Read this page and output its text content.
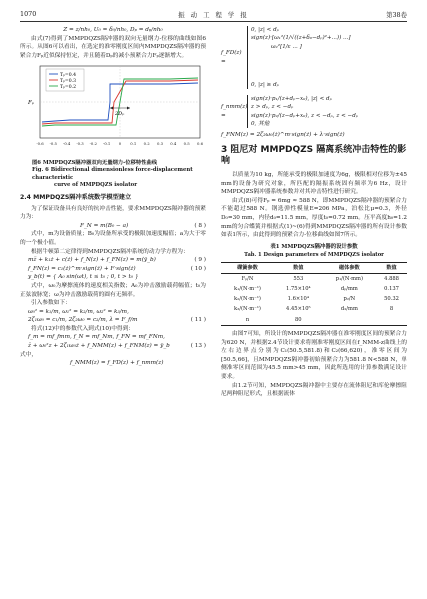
1070	振 动 工 程 学 报	第38卷
Z = z/nh₀, U₀ = δ₀/nh₀, Dₚ = dₚ/nh₀

由式(7)得到了MMPDQZS隔冲器的双向无量纲力-位移的曲线如图6所示。从图6可以看出，在选定的准零刚度区间内MMPDQZS隔冲器的预紧合力Fₚ近似保持恒定，并且随着Dₚ的减小预紧合力Fₚ逐渐增大。

2Dₚ
Tₚ=0.4
Tₚ=0.3
Tₚ=0.2
Fₚ
-0.6 -0.5 -0.4 -0.3 -0.2 -0.1 0 0.1 0.2 0.3 0.4 0.5 0.6
图6 MMPDQZS隔冲器双向无量纲力-位移特性曲线
Fig. 6 Bidirectional dimensionless force-displacement characteristic
curve of MMPDQZS isolator
2.4 MMPDQZS隔冲系统数学模型建立

为了保证设备具有良好的抗冲击性能，要求MMPDQZS隔冲器的预紧力为：

F_N = m(B₀ − a)	( 8 )

式中，m为设备质量；B₀为设备所承受的极限加速度幅值；a为大于零的一个极小值。

根据牛顿第二定律得到MMPDQZS隔冲系统的动力学方程为：

mz̈ + k₁ż + c(ż) + f_N(z) + f_FN(z) = m(ÿ_b)	( 9 )
f_FN(z) = c₁(ż)^m·sign(ż) + F·sign(ż)	( 10 )
y_b(t) = { A₀ sin(ωt), t ≤ t₀ ; 0, t > t₀ }

式中，ω₀为摩擦流体的速度相关指数；A₀为冲击激励载荷幅值；t₀为正弦波脉宽；ω为冲击激励载荷的圆有无频率。

引入参数如下：

ω₀² = k₁/m, ω₁² = k₂/m, ω₂² = k₃/m,
2ζ₁ω₀ = c₁/m, 2ζ₂ω₀ = c₂/m, λ = F_f/m	( 11 )

将式(12)中的参数代入到式(10)中得到：

f_m = mf_fmm, f_N = mf_Nm, f_FN = mf_FNm,
z̈ + ω₀²z + 2ζ₁ω₀ż + f_NMM(z) + f_FNM(z) = ÿ_b	( 13 )

式中，

f_NMM(z) = f_FD(z) + f_nmm(z)
f_FD(z) =
0, |z| < dₚ
sign(z)·[ω₁²(1/√((z+δ₀−dₚ)²+...)) ...]
ω₂²[1/ε ... ]
0, |z| ≥ dₚ
f_nmm(z) =
sign(z)·p₁/(z+dₚ−x₀), |z| < dₚ
z > dₚ, z < −dₚ
sign(z)·p₂/(z−dₚ+x₀), z < −dₚ, z < −dₚ
0, 其他
f_FNM(z) = 2ζ₂ω₀(ż)^m·sign(ż) + λ·sign(ż)
3 阻尼对 MMPDQZS 隔离系统冲击特性的影响

以质量为10 kg，所能承受的极限加速度为6g，极限相对位移为±45 mm的设备为研究对象，所匹配的隔振系统固有频率为6 Hz，设计MMPDQZS隔冲器系统参数并对其冲击特性进行研究。

由式(8)可得Fₚ = 6mg ≈ 588 N，即MMPDQZS隔冲器的预紧合力不能超过588 N。钢选弹性模量E=206 MPa，泊松比μ=0.3，外径D₀=30 mm，内径d₀=11.5 mm，厚度t₀=0.72 mm。压平高度h₀=1.2 mm的匀合蝶簧并根据式(1)~(6)得到MMPDQZS隔冲器的所有设计参数如表1所示，由此得到的预紧合力-位移曲线如图7所示。

表1 MMPDQZS隔冲器的设计参数
Tab. 1 Design parameters of MMPDQZS isolator
碟簧参数	数值	磁体参数	数值
Fₚ/N	553	p₁/(N·mm)	4.888
k₁/(N·m⁻¹)	1.75×10⁴	dₚ/mm	0.137
k₂/(N·m⁻¹)	1.6×10⁴	p₂/N	50.32
k₃/(N·m⁻¹)	4.45×10⁵	d₂/mm	8
n	80		

由图7可知，所设计的MMPDQZS隔冲器在准零刚度区间的预紧合力为620 N，并根据2.4节设计要求将刚准零刚度区间在f_NMM-z曲线上的左右边界点分别为C₁(50.5,581.8)和C₂(66,620)，准零区间为[50.5,66]，且MMPDQZS隔冲器初始预紧合力为581.8 N<588 N，单侧准零区间范围为45.5 mm>45 mm，因此所选用的计算参数满足设计要求。

由1.2节可知，MMPDQZS隔冲器中主要存在流体阻尼和库伦摩擦阻尼两种阻尼形式，且根据流体
